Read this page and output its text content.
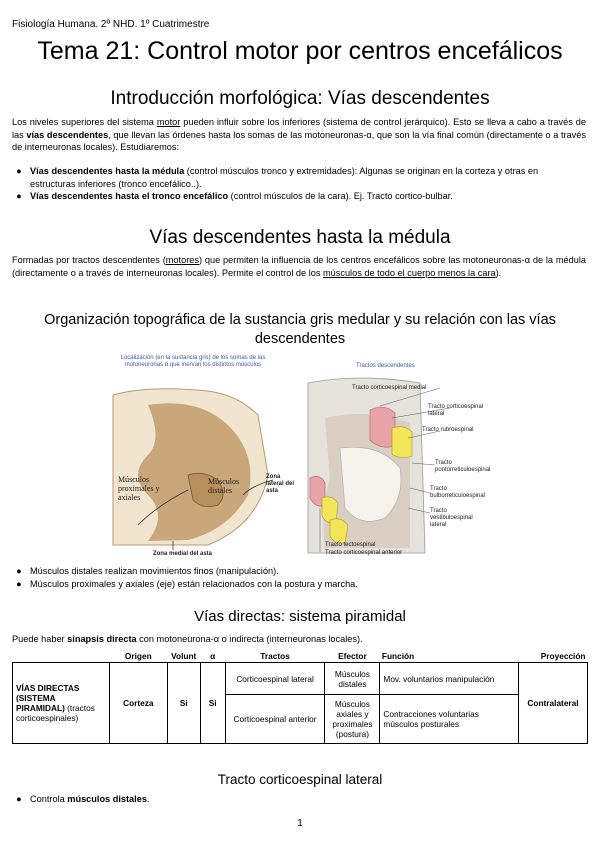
Fisiología Humana. 2º NHD. 1º Cuatrimestre
Tema 21: Control motor por centros encefálicos
Introducción morfológica: Vías descendentes
Los niveles superiores del sistema motor pueden influir sobre los inferiores (sistema de control jerárquico). Esto se lleva a cabo a través de las vías descendentes, que llevan las órdenes hasta los somas de las motoneuronas-α, que son la vía final común (directamente o a través de interneuronas locales). Estudiaremos:
● Vías descendentes hasta la médula (control músculos tronco y extremidades): Algunas se originan en la corteza y otras en estructuras inferiores (tronco encefálico..).
● Vías descendentes hasta el tronco encefálico (control músculos de la cara). Ej. Tracto cortico-bulbar.
Vías descendentes hasta la médula
Formadas por tractos descendentes (motores) que permiten la influencia de los centros encefálicos sobre las motoneuronas-α de la médula (directamente o a través de interneuronas locales). Permite el control de los músculos de todo el cuerpo menos la cara).
Organización topográfica de la sustancia gris medular y su relación con las vías descendentes
Localización (en la sustancia gris) de los somas de las motoneuronas α que inervan los distintos músculos
Músculos proximales y axiales
Músculos distales
Zona medial del asta
Zona lateral del asta
Tractos descendentes
Tracto corticoespinal medial
Tracto corticoespinal lateral
Tracto rubroespinal
Tracto pontorreticuloespinal
Tracto bulborreticuloespinal
Tracto vestibuloespinal lateral
Tracto tectoespinal
Tracto corticoespinal anterior
● Músculos distales realizan movimientos finos (manipulación).
● Músculos proximales y axiales (eje) están relacionados con la postura y marcha.
Vías directas: sistema piramidal
Puede haber sinapsis directa con motoneurona-α o indirecta (interneuronas locales).
	Origen	Volunt	α	Tractos	Efector	Función	Proyección
VÍAS DIRECTAS (SISTEMA PIRAMIDAL) (tractos corticoespinales)	Corteza	Si	Si	Corticoespinal lateral	Músculos distales	Mov. voluntarios manipulación	Contralateral
				Corticoespinal anterior	Músculos axiales y proximales (postura)	Contracciones voluntarias músculos posturales	
Tracto corticoespinal lateral
● Controla músculos distales.
1
